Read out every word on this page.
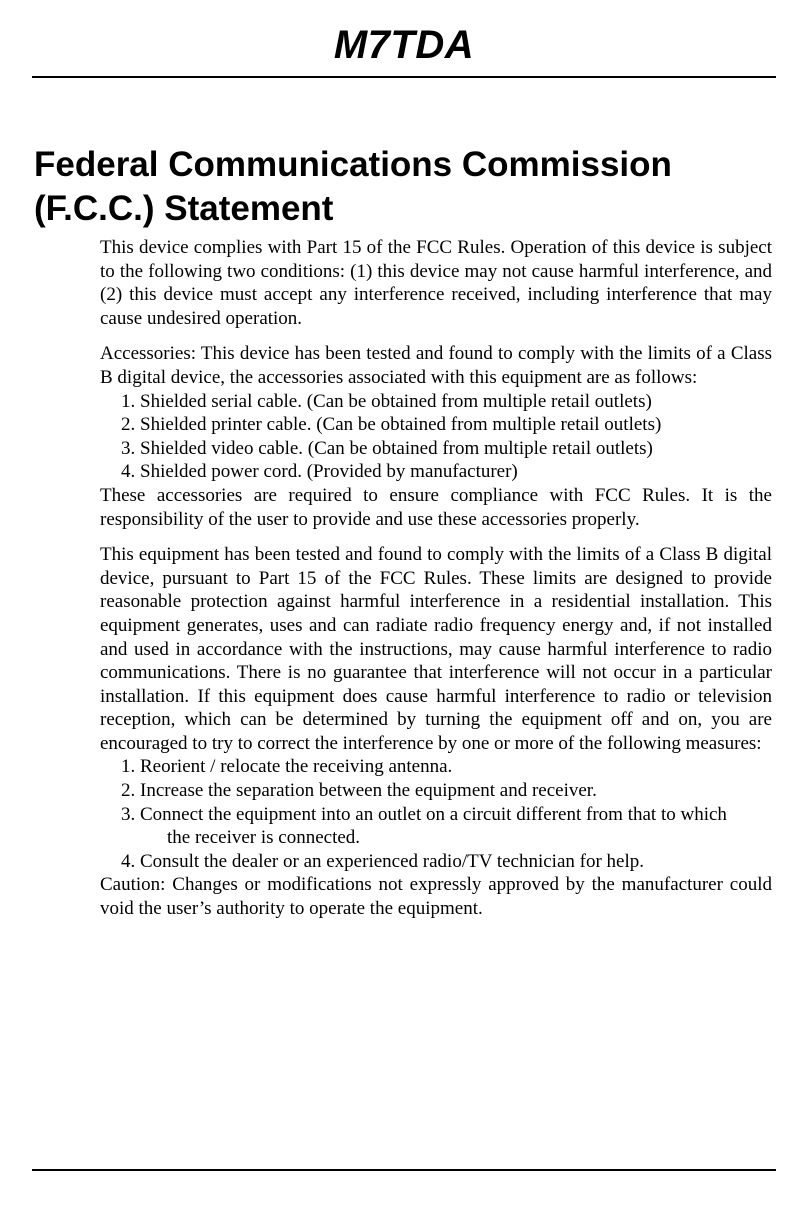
M7TDA
Federal Communications Commission
(F.C.C.) Statement

This device complies with Part 15 of the FCC Rules. Operation of this device is subject to the following two conditions: (1) this device may not cause harmful interference, and (2) this device must accept any interference received, including interference that may cause undesired operation.

Accessories: This device has been tested and found to comply with the limits of a Class B digital device, the accessories associated with this equipment are as follows:

1. Shielded serial cable. (Can be obtained from multiple retail outlets)
2. Shielded printer cable. (Can be obtained from multiple retail outlets)
3. Shielded video cable. (Can be obtained from multiple retail outlets)
4. Shielded power cord. (Provided by manufacturer)

These accessories are required to ensure compliance with FCC Rules. It is the responsibility of the user to provide and use these accessories properly.

This equipment has been tested and found to comply with the limits of a Class B digital device, pursuant to Part 15 of the FCC Rules. These limits are designed to provide reasonable protection against harmful interference in a residential installation. This equipment generates, uses and can radiate radio frequency energy and, if not installed and used in accordance with the instructions, may cause harmful interference to radio communications. There is no guarantee that interference will not occur in a particular installation. If this equipment does cause harmful interference to radio or television reception, which can be determined by turning the equipment off and on, you are encouraged to try to correct the interference by one or more of the following measures:

1. Reorient / relocate the receiving antenna.
2. Increase the separation between the equipment and receiver.
3. Connect the equipment into an outlet on a circuit different from that to which
the receiver is connected.
4. Consult the dealer or an experienced radio/TV technician for help.

Caution: Changes or modifications not expressly approved by the manufacturer could void the user’s authority to operate the equipment.
